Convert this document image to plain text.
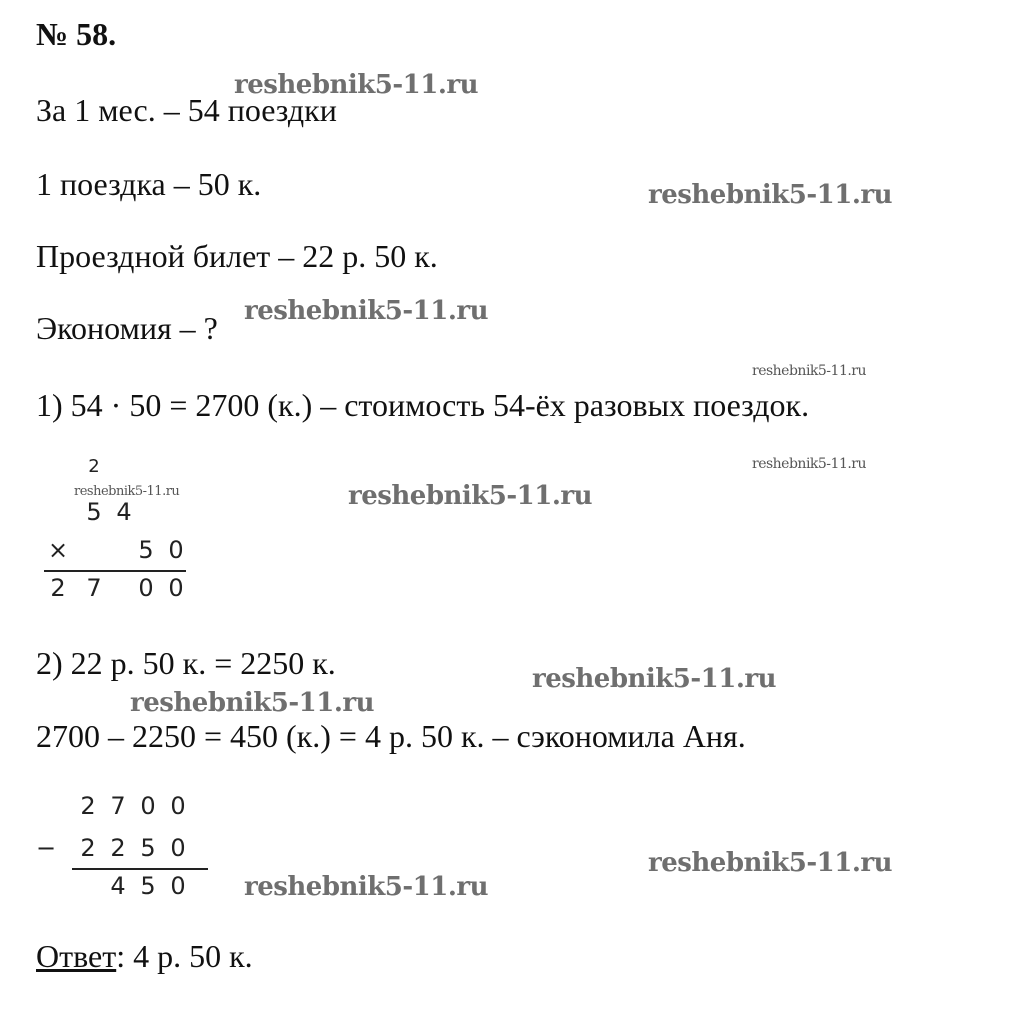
№ 58.
За 1 мес. – 54 поездки
1 поездка – 50 к.
Проездной билет – 22 р. 50 к.
Экономия – ?
1) 54 · 50 = 2700 (к.) – стоимость 54-ёх разовых поездок.
2
5 4
×	5 0
2 7 0 0
2) 22 р. 50 к. = 2250 к.
2700 – 2250 = 450 (к.) = 4 р. 50 к. – сэкономила Аня.
2 7 0 0
− 2 2 5 0
4 5 0
Ответ: 4 р. 50 к.
reshebnik5-11.ru
reshebnik5-11.ru
reshebnik5-11.ru
reshebnik5-11.ru
reshebnik5-11.ru
reshebnik5-11.ru	reshebnik5-11.ru
reshebnik5-11.ru
reshebnik5-11.ru
reshebnik5-11.ru
reshebnik5-11.ru
